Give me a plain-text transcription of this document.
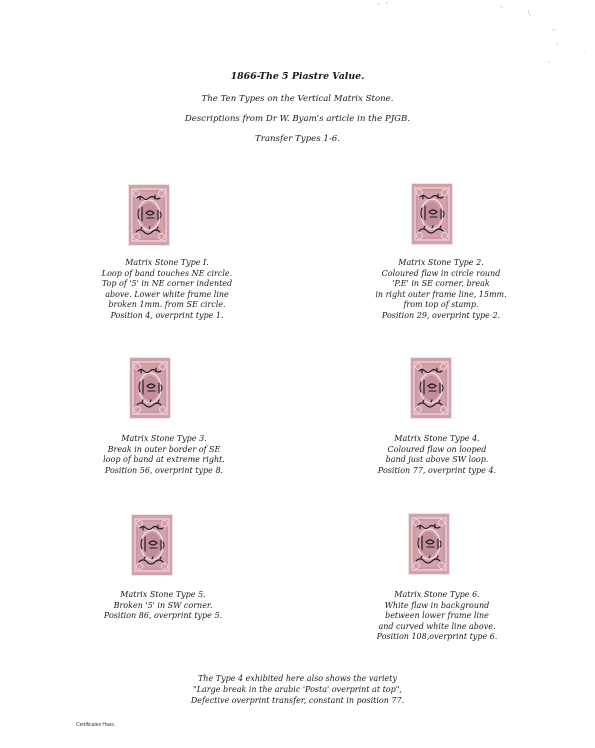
1866-The 5 Piastre Value.
The Ten Types on the Vertical Matrix Stone.
Descriptions from Dr W. Byam's article in the PJGB.
Transfer Types 1-6.
Matrix Stone Type I.
Loop of band touches NE circle.
Top of '5' in NE corner indented
above. Lower white frame line
broken 1mm. from SE circle.
Position 4, overprint type 1.
Matrix Stone Type 2.
Coloured flaw in circle round
'P.E' in SE corner, break
in right outer frame line, 15mm.
from top of stamp.
Position 29, overprint type 2.
Matrix Stone Type 3.
Break in outer border of SE
loop of band at extreme right.
Position 56, overprint type 8.
Matrix Stone Type 4.
Coloured flaw on looped
band just above SW loop.
Position 77, overprint type 4.
Matrix Stone Type 5.
Broken '5' in SW corner.
Position 86, overprint type 5.
Matrix Stone Type 6.
White flaw in background
between lower frame line
and curved white line above.
Position 108,overprint type 6.
The Type 4 exhibited here also shows the variety
"Large break in the arabic 'Posta' overprint at top",
Defective overprint transfer, constant in position 77.
Certificates Hass.
